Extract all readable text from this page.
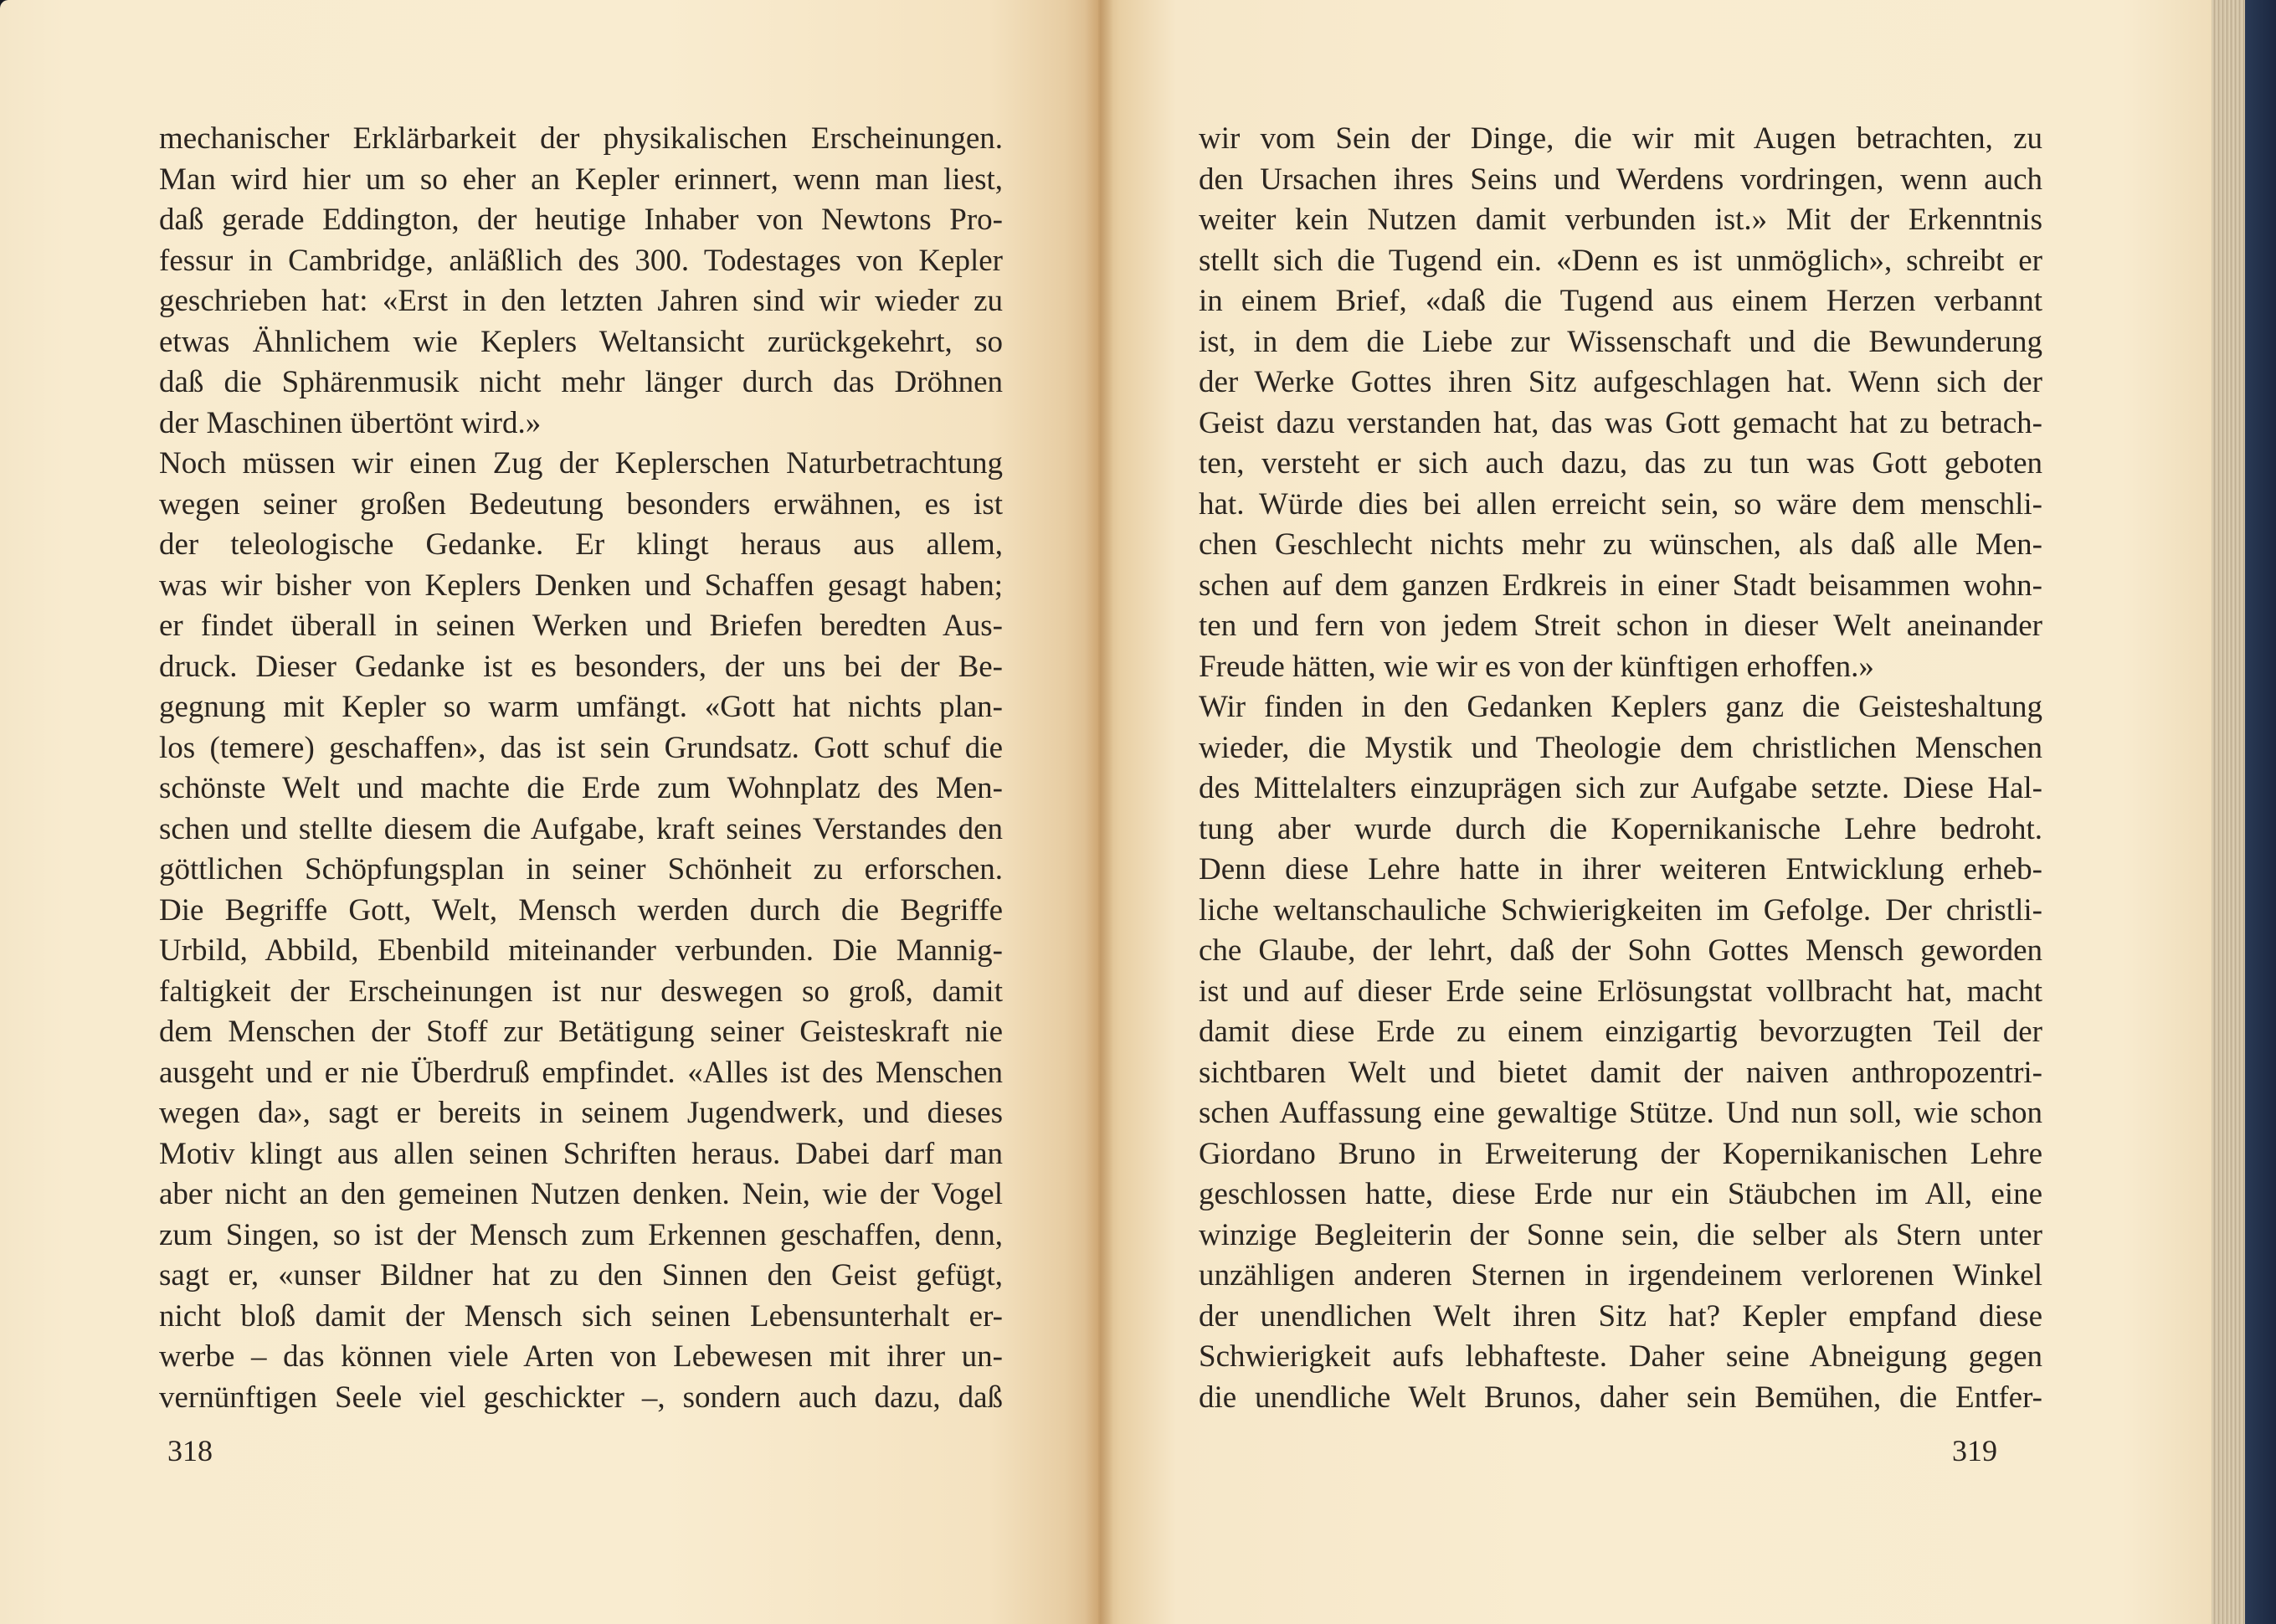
mechanischer Erklärbarkeit der physikalischen Erscheinungen.
Man wird hier um so eher an Kepler erinnert, wenn man liest,
daß gerade Eddington, der heutige Inhaber von Newtons Pro-
fessur in Cambridge, anläßlich des 300. Todestages von Kepler
geschrieben hat: «Erst in den letzten Jahren sind wir wieder zu
etwas Ähnlichem wie Keplers Weltansicht zurückgekehrt, so
daß die Sphärenmusik nicht mehr länger durch das Dröhnen
der Maschinen übertönt wird.»
Noch müssen wir einen Zug der Keplerschen Naturbetrachtung
wegen seiner großen Bedeutung besonders erwähnen, es ist
der teleologische Gedanke. Er klingt heraus aus allem,
was wir bisher von Keplers Denken und Schaffen gesagt haben;
er findet überall in seinen Werken und Briefen beredten Aus-
druck. Dieser Gedanke ist es besonders, der uns bei der Be-
gegnung mit Kepler so warm umfängt. «Gott hat nichts plan-
los (temere) geschaffen», das ist sein Grundsatz. Gott schuf die
schönste Welt und machte die Erde zum Wohnplatz des Men-
schen und stellte diesem die Aufgabe, kraft seines Verstandes den
göttlichen Schöpfungsplan in seiner Schönheit zu erforschen.
Die Begriffe Gott, Welt, Mensch werden durch die Begriffe
Urbild, Abbild, Ebenbild miteinander verbunden. Die Mannig-
faltigkeit der Erscheinungen ist nur deswegen so groß, damit
dem Menschen der Stoff zur Betätigung seiner Geisteskraft nie
ausgeht und er nie Überdruß empfindet. «Alles ist des Menschen
wegen da», sagt er bereits in seinem Jugendwerk, und dieses
Motiv klingt aus allen seinen Schriften heraus. Dabei darf man
aber nicht an den gemeinen Nutzen denken. Nein, wie der Vogel
zum Singen, so ist der Mensch zum Erkennen geschaffen, denn,
sagt er, «unser Bildner hat zu den Sinnen den Geist gefügt,
nicht bloß damit der Mensch sich seinen Lebensunterhalt er-
werbe – das können viele Arten von Lebewesen mit ihrer un-
vernünftigen Seele viel geschickter –, sondern auch dazu, daß
318
wir vom Sein der Dinge, die wir mit Augen betrachten, zu
den Ursachen ihres Seins und Werdens vordringen, wenn auch
weiter kein Nutzen damit verbunden ist.» Mit der Erkenntnis
stellt sich die Tugend ein. «Denn es ist unmöglich», schreibt er
in einem Brief, «daß die Tugend aus einem Herzen verbannt
ist, in dem die Liebe zur Wissenschaft und die Bewunderung
der Werke Gottes ihren Sitz aufgeschlagen hat. Wenn sich der
Geist dazu verstanden hat, das was Gott gemacht hat zu betrach-
ten, versteht er sich auch dazu, das zu tun was Gott geboten
hat. Würde dies bei allen erreicht sein, so wäre dem menschli-
chen Geschlecht nichts mehr zu wünschen, als daß alle Men-
schen auf dem ganzen Erdkreis in einer Stadt beisammen wohn-
ten und fern von jedem Streit schon in dieser Welt aneinander
Freude hätten, wie wir es von der künftigen erhoffen.»
Wir finden in den Gedanken Keplers ganz die Geisteshaltung
wieder, die Mystik und Theologie dem christlichen Menschen
des Mittelalters einzuprägen sich zur Aufgabe setzte. Diese Hal-
tung aber wurde durch die Kopernikanische Lehre bedroht.
Denn diese Lehre hatte in ihrer weiteren Entwicklung erheb-
liche weltanschauliche Schwierigkeiten im Gefolge. Der christli-
che Glaube, der lehrt, daß der Sohn Gottes Mensch geworden
ist und auf dieser Erde seine Erlösungstat vollbracht hat, macht
damit diese Erde zu einem einzigartig bevorzugten Teil der
sichtbaren Welt und bietet damit der naiven anthropozentri-
schen Auffassung eine gewaltige Stütze. Und nun soll, wie schon
Giordano Bruno in Erweiterung der Kopernikanischen Lehre
geschlossen hatte, diese Erde nur ein Stäubchen im All, eine
winzige Begleiterin der Sonne sein, die selber als Stern unter
unzähligen anderen Sternen in irgendeinem verlorenen Winkel
der unendlichen Welt ihren Sitz hat? Kepler empfand diese
Schwierigkeit aufs lebhafteste. Daher seine Abneigung gegen
die unendliche Welt Brunos, daher sein Bemühen, die Entfer-
319
